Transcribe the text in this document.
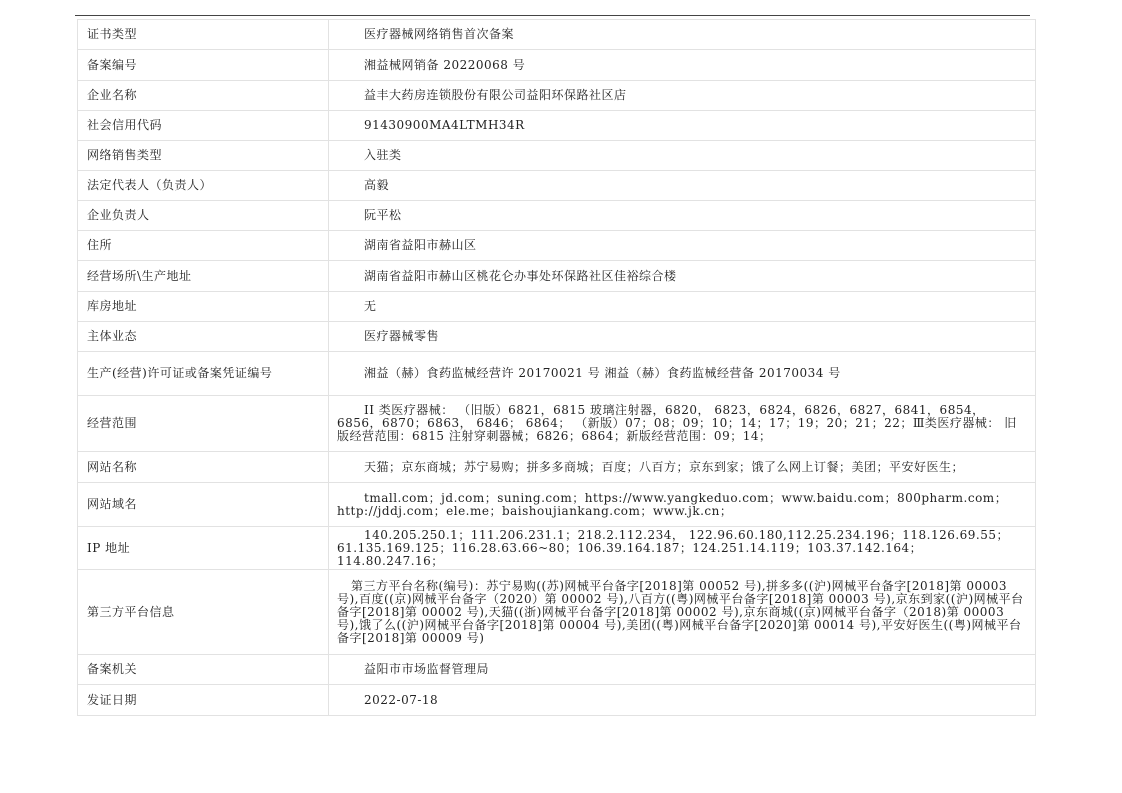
证书类型	医疗器械网络销售首次备案
备案编号	湘益械网销备 20220068 号
企业名称	益丰大药房连锁股份有限公司益阳环保路社区店
社会信用代码	91430900MA4LTMH34R
网络销售类型	入驻类
法定代表人（负责人）	高毅
企业负责人	阮平松
住所	湖南省益阳市赫山区
经营场所\生产地址	湖南省益阳市赫山区桃花仑办事处环保路社区佳裕综合楼
库房地址	无
主体业态	医疗器械零售
生产(经营)许可证或备案凭证编号	湘益（赫）食药监械经营许 20170021 号 湘益（赫）食药监械经营备 20170034 号
经营范围	II 类医疗器械： （旧版）6821，6815 玻璃注射器，6820， 6823，6824，6826，6827，6841，6854，6856，6870；6863， 6846； 6864； （新版）07；08；09；10；14；17；19；20；21；22；Ⅲ类医疗器械： 旧版经营范围：6815 注射穿刺器械；6826；6864；新版经营范围：09；14；
网站名称	天猫；京东商城；苏宁易购；拼多多商城；百度；八百方；京东到家；饿了么网上订餐；美团；平安好医生；
网站域名	tmall.com；jd.com；suning.com；https://www.yangkeduo.com；www.baidu.com；800pharm.com；http://jddj.com；ele.me；baishoujiankang.com；www.jk.cn；
IP 地址	140.205.250.1；111.206.231.1；218.2.112.234， 122.96.60.180,112.25.234.196；118.126.69.55；61.135.169.125；116.28.63.66~80；106.39.164.187；124.251.14.119；103.37.142.164；114.80.247.16；
第三方平台信息	第三方平台名称(编号)：苏宁易购((苏)网械平台备字[2018]第 00052 号),拼多多((沪)网械平台备字[2018]第 00003 号),百度((京)网械平台备字（2020）第 00002 号),八百方((粤)网械平台备字[2018]第 00003 号),京东到家((沪)网械平台备字[2018]第 00002 号),天猫((浙)网械平台备字[2018]第 00002 号),京东商城((京)网械平台备字（2018)第 00003 号),饿了么((沪)网械平台备字[2018]第 00004 号),美团((粤)网械平台备字[2020]第 00014 号),平安好医生((粤)网械平台备字[2018]第 00009 号)
备案机关	益阳市市场监督管理局
发证日期	2022-07-18
